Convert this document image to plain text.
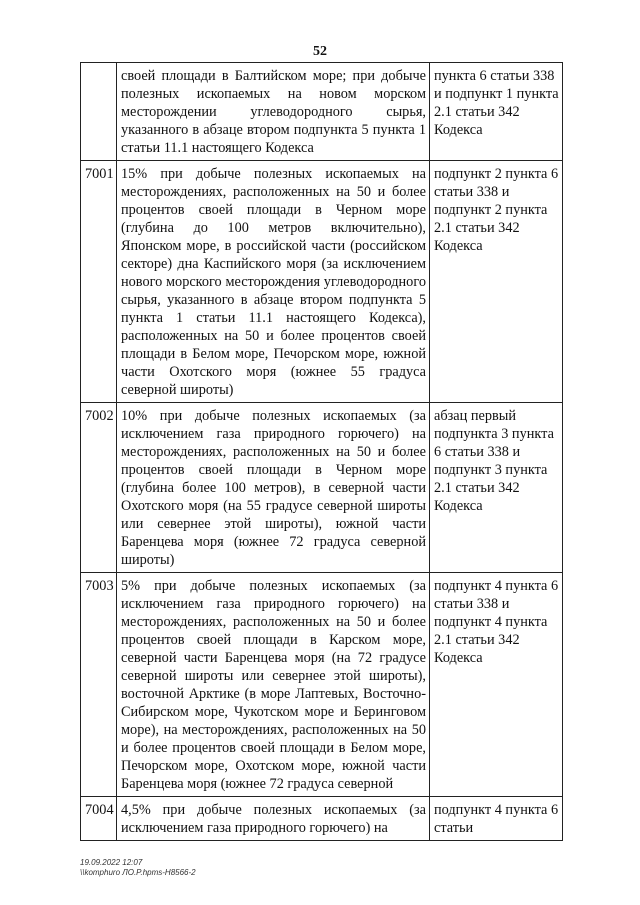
52
	своей площади в Балтийском море; при добыче полезных ископаемых на новом морском месторождении углеводородного сырья, указанного в абзаце втором подпункта 5 пункта 1 статьи 11.1 настоящего Кодекса	пункта 6 статьи 338 и подпункт 1 пункта 2.1 статьи 342 Кодекса
7001	15% при добыче полезных ископаемых на месторождениях, расположенных на 50 и более процентов своей площади в Черном море (глубина до 100 метров включительно), Японском море, в российской части (российском секторе) дна Каспийского моря (за исключением нового морского месторождения углеводородного сырья, указанного в абзаце втором подпункта 5 пункта 1 статьи 11.1 настоящего Кодекса), расположенных на 50 и более процентов своей площади в Белом море, Печорском море, южной части Охотского моря (южнее 55 градуса северной широты)	подпункт 2 пункта 6 статьи 338 и подпункт 2 пункта 2.1 статьи 342 Кодекса
7002	10% при добыче полезных ископаемых (за исключением газа природного горючего) на месторождениях, расположенных на 50 и более процентов своей площади в Черном море (глубина более 100 метров), в северной части Охотского моря (на 55 градусе северной широты или севернее этой широты), южной части Баренцева моря (южнее 72 градуса северной широты)	абзац первый подпункта 3 пункта 6 статьи 338 и подпункт 3 пункта 2.1 статьи 342 Кодекса
7003	5% при добыче полезных ископаемых (за исключением газа природного горючего) на месторождениях, расположенных на 50 и более процентов своей площади в Карском море, северной части Баренцева моря (на 72 градусе северной широты или севернее этой широты), восточной Арктике (в море Лаптевых, Восточно-Сибирском море, Чукотском море и Беринговом море), на месторождениях, расположенных на 50 и более процентов своей площади в Белом море, Печорском море, Охотском море, южной части Баренцева моря (южнее 72 градуса северной	подпункт 4 пункта 6 статьи 338 и подпункт 4 пункта 2.1 статьи 342 Кодекса
7004	4,5% при добыче полезных ископаемых (за исключением газа природного горючего) на	подпункт 4 пункта 6 статьи
19.09.2022 12:07
\\komphuro ЛО.P.hpms-H8566-2
